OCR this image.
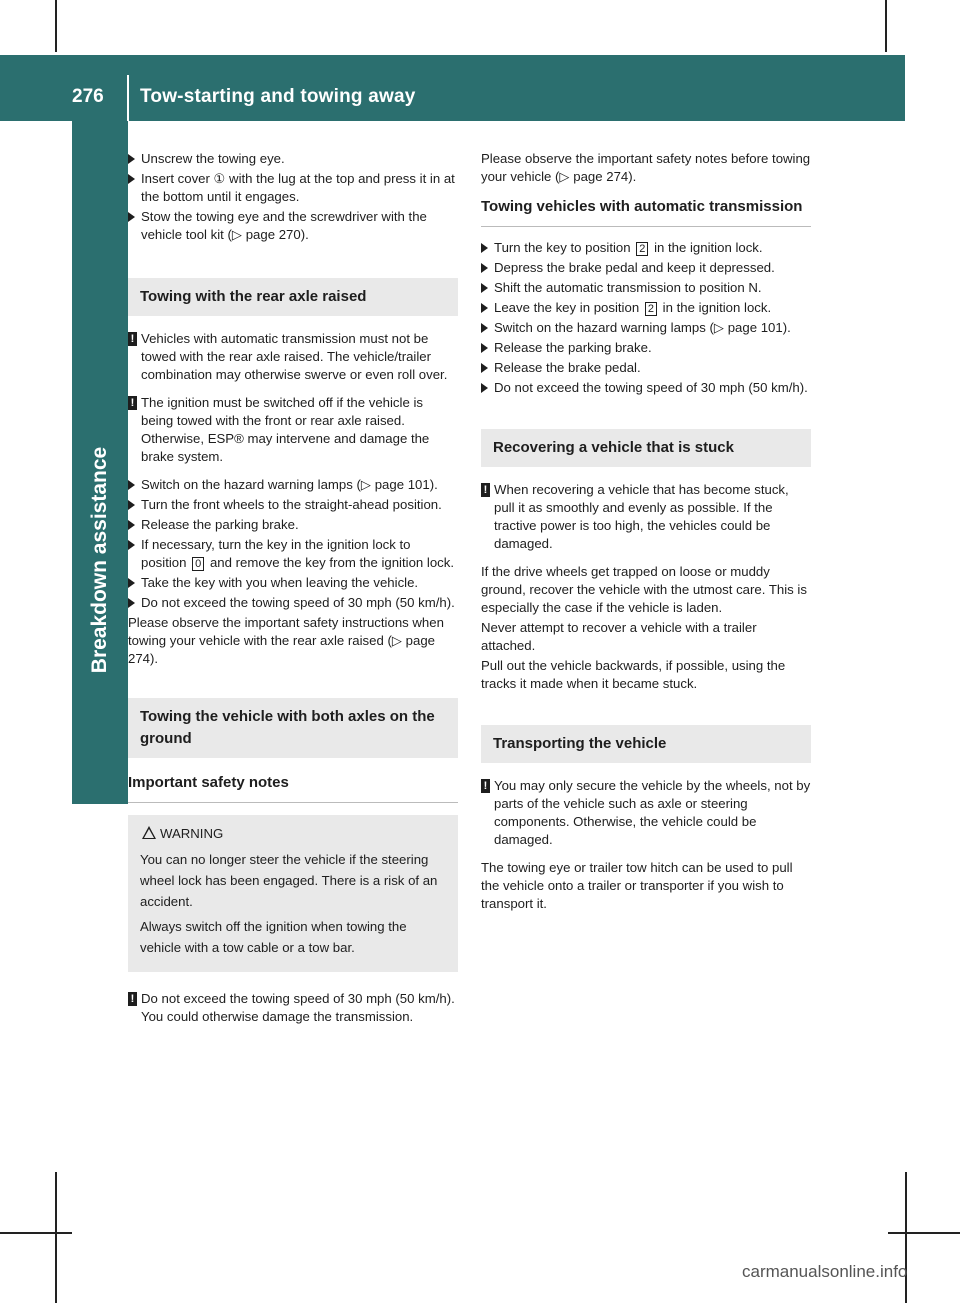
276 Tow-starting and towing away
Breakdown assistance
Unscrew the towing eye.
Insert cover ① with the lug at the top and press it in at the bottom until it engages.
Stow the towing eye and the screwdriver with the vehicle tool kit (▷ page 270).
Towing with the rear axle raised
! Vehicles with automatic transmission must not be towed with the rear axle raised. The vehicle/trailer combination may otherwise swerve or even roll over.
! The ignition must be switched off if the vehicle is being towed with the front or rear axle raised. Otherwise, ESP® may intervene and damage the brake system.
Switch on the hazard warning lamps (▷ page 101).
Turn the front wheels to the straight-ahead position.
Release the parking brake.
If necessary, turn the key in the ignition lock to position 0 and remove the key from the ignition lock.
Take the key with you when leaving the vehicle.
Do not exceed the towing speed of 30 mph (50 km/h).
Please observe the important safety instructions when towing your vehicle with the rear axle raised (▷ page 274).
Towing the vehicle with both axles on the ground
Important safety notes
WARNING
You can no longer steer the vehicle if the steering wheel lock has been engaged. There is a risk of an accident.
Always switch off the ignition when towing the vehicle with a tow cable or a tow bar.
! Do not exceed the towing speed of 30 mph (50 km/h). You could otherwise damage the transmission.
Please observe the important safety notes before towing your vehicle (▷ page 274).
Towing vehicles with automatic transmission
Turn the key to position 2 in the ignition lock.
Depress the brake pedal and keep it depressed.
Shift the automatic transmission to position N.
Leave the key in position 2 in the ignition lock.
Switch on the hazard warning lamps (▷ page 101).
Release the parking brake.
Release the brake pedal.
Do not exceed the towing speed of 30 mph (50 km/h).
Recovering a vehicle that is stuck
! When recovering a vehicle that has become stuck, pull it as smoothly and evenly as possible. If the tractive power is too high, the vehicles could be damaged.
If the drive wheels get trapped on loose or muddy ground, recover the vehicle with the utmost care. This is especially the case if the vehicle is laden.
Never attempt to recover a vehicle with a trailer attached.
Pull out the vehicle backwards, if possible, using the tracks it made when it became stuck.
Transporting the vehicle
! You may only secure the vehicle by the wheels, not by parts of the vehicle such as axle or steering components. Otherwise, the vehicle could be damaged.
The towing eye or trailer tow hitch can be used to pull the vehicle onto a trailer or transporter if you wish to transport it.
carmanualsonline.info
